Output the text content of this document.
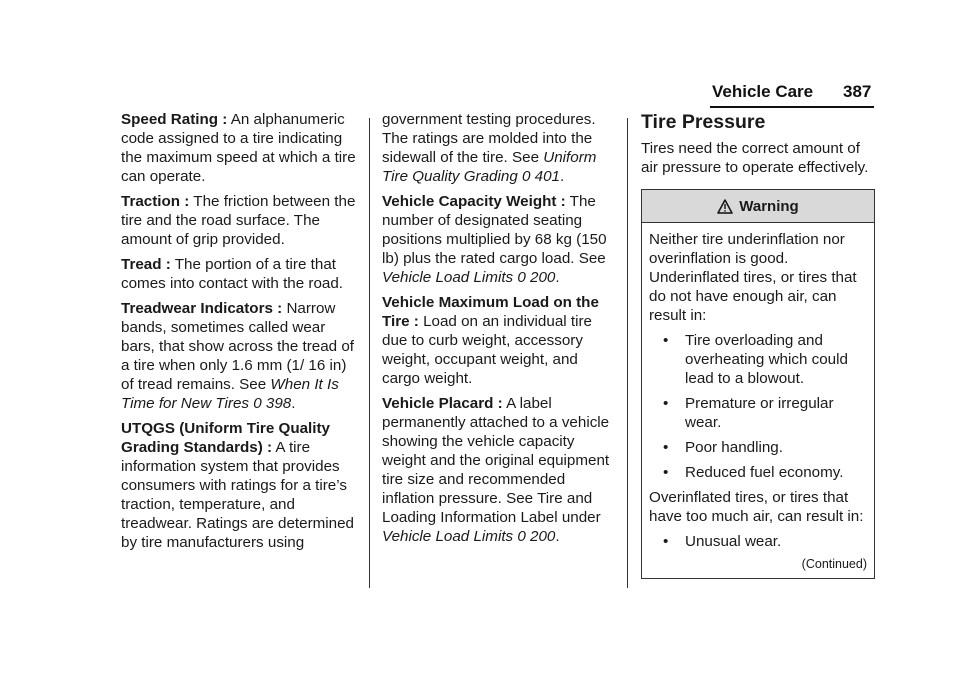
Vehicle Care 387

Speed Rating : An alphanumeric code assigned to a tire indicating the maximum speed at which a tire can operate.

Traction : The friction between the tire and the road surface. The amount of grip provided.

Tread : The portion of a tire that comes into contact with the road.

Treadwear Indicators : Narrow bands, sometimes called wear bars, that show across the tread of a tire when only 1.6 mm (1/ 16 in) of tread remains. See When It Is Time for New Tires 0 398.

UTQGS (Uniform Tire Quality Grading Standards) : A tire information system that provides consumers with ratings for a tire’s traction, temperature, and treadwear. Ratings are determined by tire manufacturers using

government testing procedures. The ratings are molded into the sidewall of the tire. See Uniform Tire Quality Grading 0 401.

Vehicle Capacity Weight : The number of designated seating positions multiplied by 68 kg (150 lb) plus the rated cargo load. See Vehicle Load Limits 0 200.

Vehicle Maximum Load on the Tire : Load on an individual tire due to curb weight, accessory weight, occupant weight, and cargo weight.

Vehicle Placard : A label permanently attached to a vehicle showing the vehicle capacity weight and the original equipment tire size and recommended inflation pressure. See Tire and Loading Information Label under Vehicle Load Limits 0 200.

Tire Pressure

Tires need the correct amount of air pressure to operate effectively.

Warning

Neither tire underinflation nor overinflation is good. Underinflated tires, or tires that do not have enough air, can result in:

•	Tire overloading and overheating which could lead to a blowout.
•	Premature or irregular wear.
•	Poor handling.
•	Reduced fuel economy.

Overinflated tires, or tires that have too much air, can result in:

•	Unusual wear.
(Continued)
